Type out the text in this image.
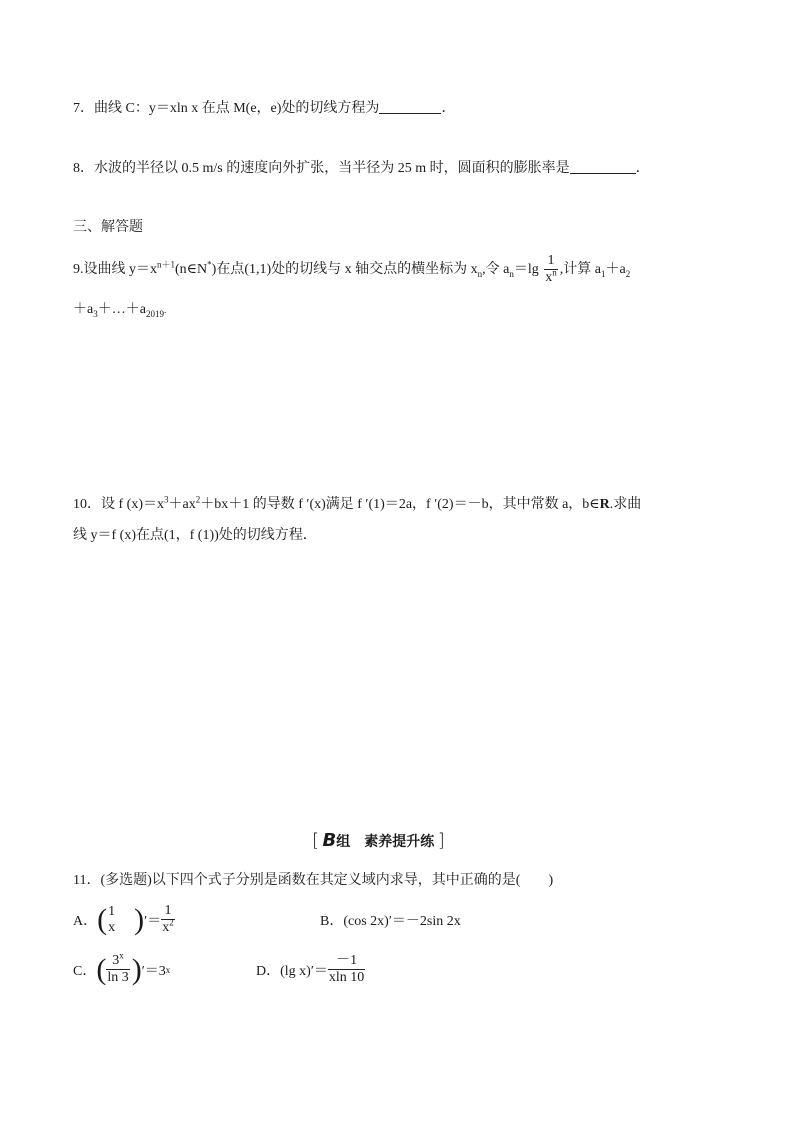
7．曲线 C：y＝xln x 在点 M(e，e)处的切线方程为	．
8．水波的半径以 0.5 m/s 的速度向外扩张，当半径为 25 m 时，圆面积的膨胀率是	．
三、解答题
9.设曲线 $y=x^{n+1}(n\in N^*)$在点(1,1)处的切线与 x 轴交点的横坐标为 $x_n$,令 $a_n=\lg \frac{1}{x^n}$ ,计算 $a_1+a_2$
$+a_3+\dots+a_{2019}$.
10．设 f $(x)=x^3+ax^2+bx+1$ 的导数 f ′(x)满足 f ′(1)＝2a，f ′(2)＝－b，其中常数 a，b∈R.求曲
线 y＝f (x)在点(1，f (1))处的切线方程．
[ B组　素养提升练 ]
11．(多选题)以下四个式子分别是函数在其定义域内求导，其中正确的是(　　)
A． ( 1
x ) ′＝ $\frac{1}{x^2}$	B．(cos 2x)′＝－2sin 2x
C． ( $\frac{3^x}{\ln 3}$ ) ′＝3 x	D． (lg $x)'= \frac{-1}{xln 10}$
